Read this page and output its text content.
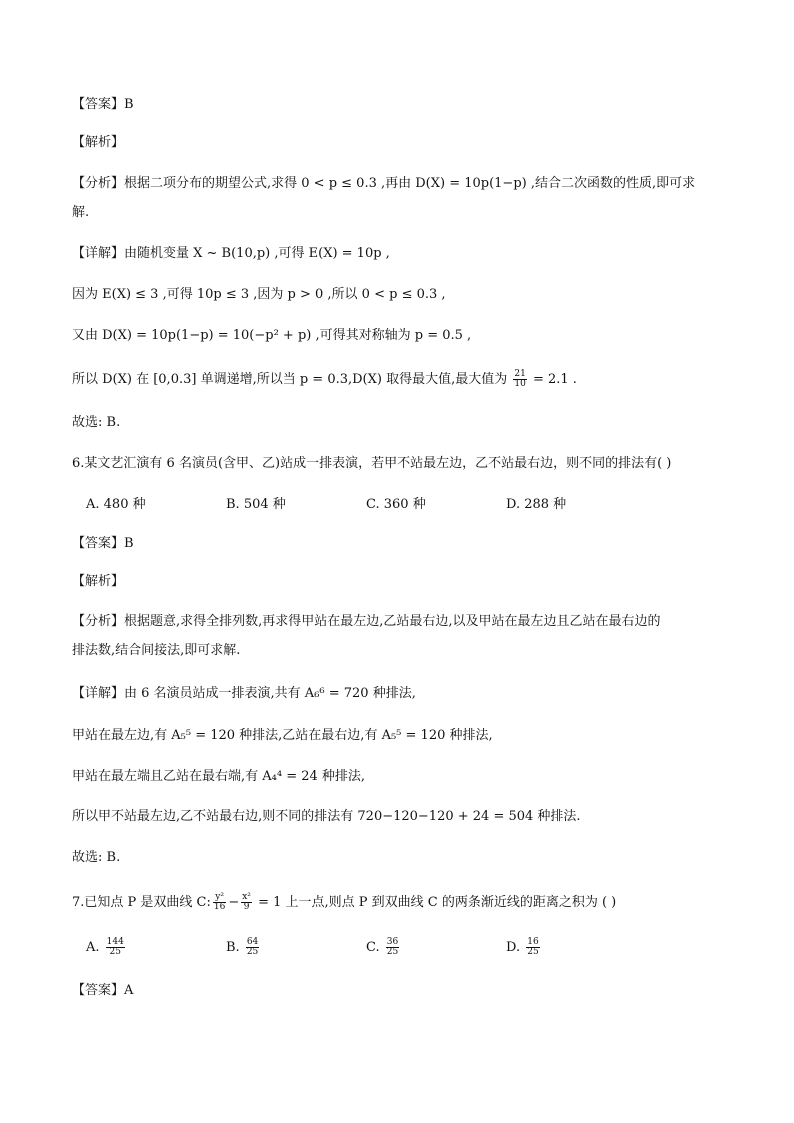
【答案】B
【解析】
【分析】根据二项分布的期望公式,求得 0 < p ≤ 0.3 ,再由 D(X) = 10p(1−p) ,结合二次函数的性质,即可求
解.
【详解】由随机变量 X ~ B(10,p) ,可得 E(X) = 10p ,
因为 E(X) ≤ 3 ,可得 10p ≤ 3 ,因为 p > 0 ,所以 0 < p ≤ 0.3 ,
又由 D(X) = 10p(1−p) = 10(−p² + p) ,可得其对称轴为 p = 0.5 ,
所以 D(X) 在 [0,0.3] 单调递增,所以当 p = 0.3,D(X) 取得最大值,最大值为 $\frac{21}{10} = 2.1$ .
故选: B.
6.某文艺汇演有 6 名演员(含甲、乙)站成一排表演，若甲不站最左边，乙不站最右边，则不同的排法有( )
A. 480 种	B. 504 种	C. 360 种	D. 288 种
【答案】B
【解析】
【分析】根据题意,求得全排列数,再求得甲站在最左边,乙站最右边,以及甲站在最左边且乙站在最右边的
排法数,结合间接法,即可求解.
【详解】由 6 名演员站成一排表演,共有 A₆⁶ = 720 种排法,
甲站在最左边,有 A₅⁵ = 120 种排法,乙站在最右边,有 A₅⁵ = 120 种排法,
甲站在最左端且乙站在最右端,有 A₄⁴ = 24 种排法,
所以甲不站最左边,乙不站最右边,则不同的排法有 720−120−120 + 24 = 504 种排法.
故选: B.
7.已知点 P 是双曲线 C: $\frac{\text{y²}}{16} - \frac{\text{x²}}{9} = 1$ 上一点,则点 P 到双曲线 C 的两条渐近线的距离之积为 ( )
A. $\frac{144}{25}$	B. $\frac{64}{25}$	C. $\frac{36}{25}$	D. $\frac{16}{25}$
【答案】A
